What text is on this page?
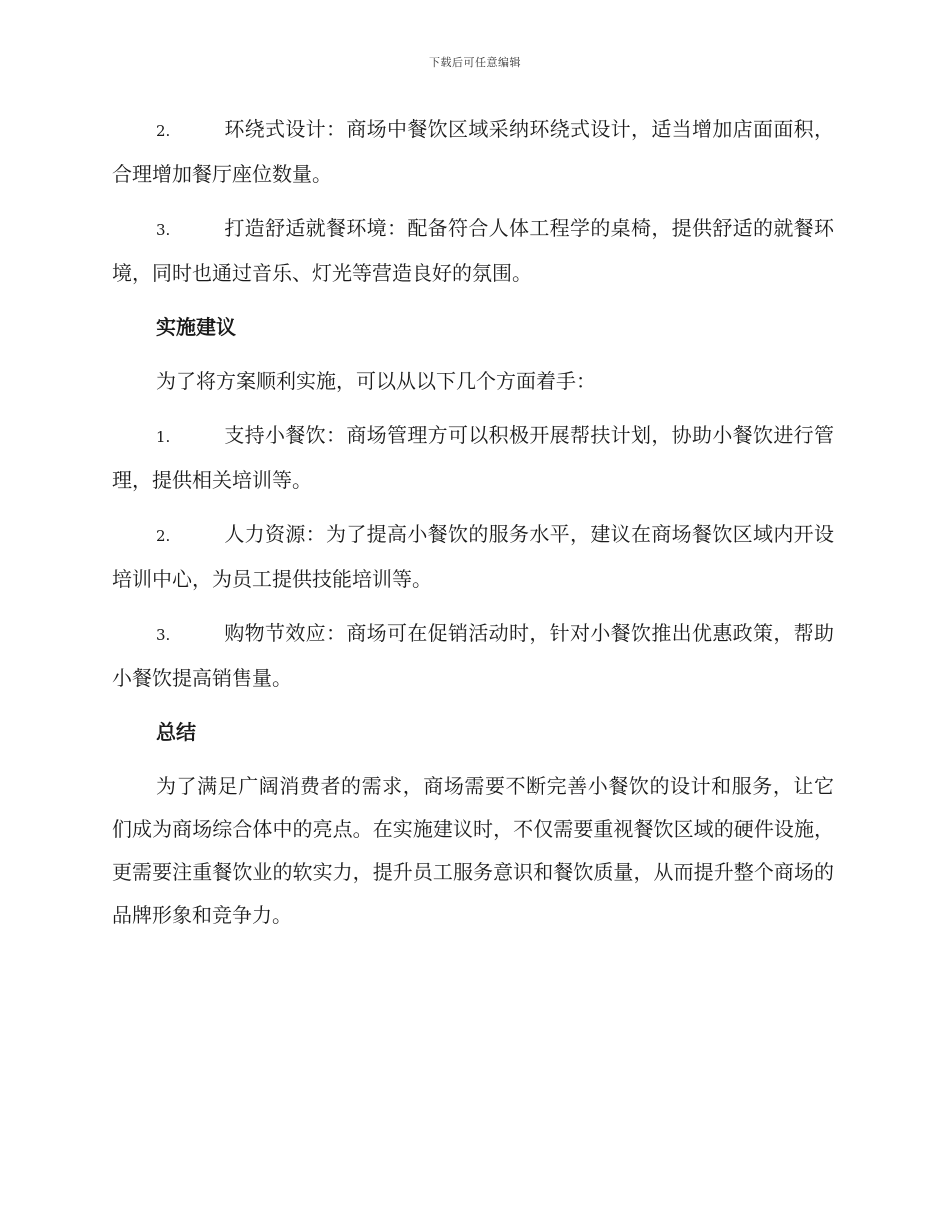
下载后可任意编辑

2.	环绕式设计：商场中餐饮区域采纳环绕式设计，适当增加店面面积，合理增加餐厅座位数量。

3.	打造舒适就餐环境：配备符合人体工程学的桌椅，提供舒适的就餐环境，同时也通过音乐、灯光等营造良好的氛围。

实施建议

为了将方案顺利实施，可以从以下几个方面着手：

1.	支持小餐饮：商场管理方可以积极开展帮扶计划，协助小餐饮进行管理，提供相关培训等。

2.	人力资源：为了提高小餐饮的服务水平，建议在商场餐饮区域内开设培训中心，为员工提供技能培训等。

3.	购物节效应：商场可在促销活动时，针对小餐饮推出优惠政策，帮助小餐饮提高销售量。

总结

为了满足广阔消费者的需求，商场需要不断完善小餐饮的设计和服务，让它们成为商场综合体中的亮点。在实施建议时，不仅需要重视餐饮区域的硬件设施，更需要注重餐饮业的软实力，提升员工服务意识和餐饮质量，从而提升整个商场的品牌形象和竞争力。
